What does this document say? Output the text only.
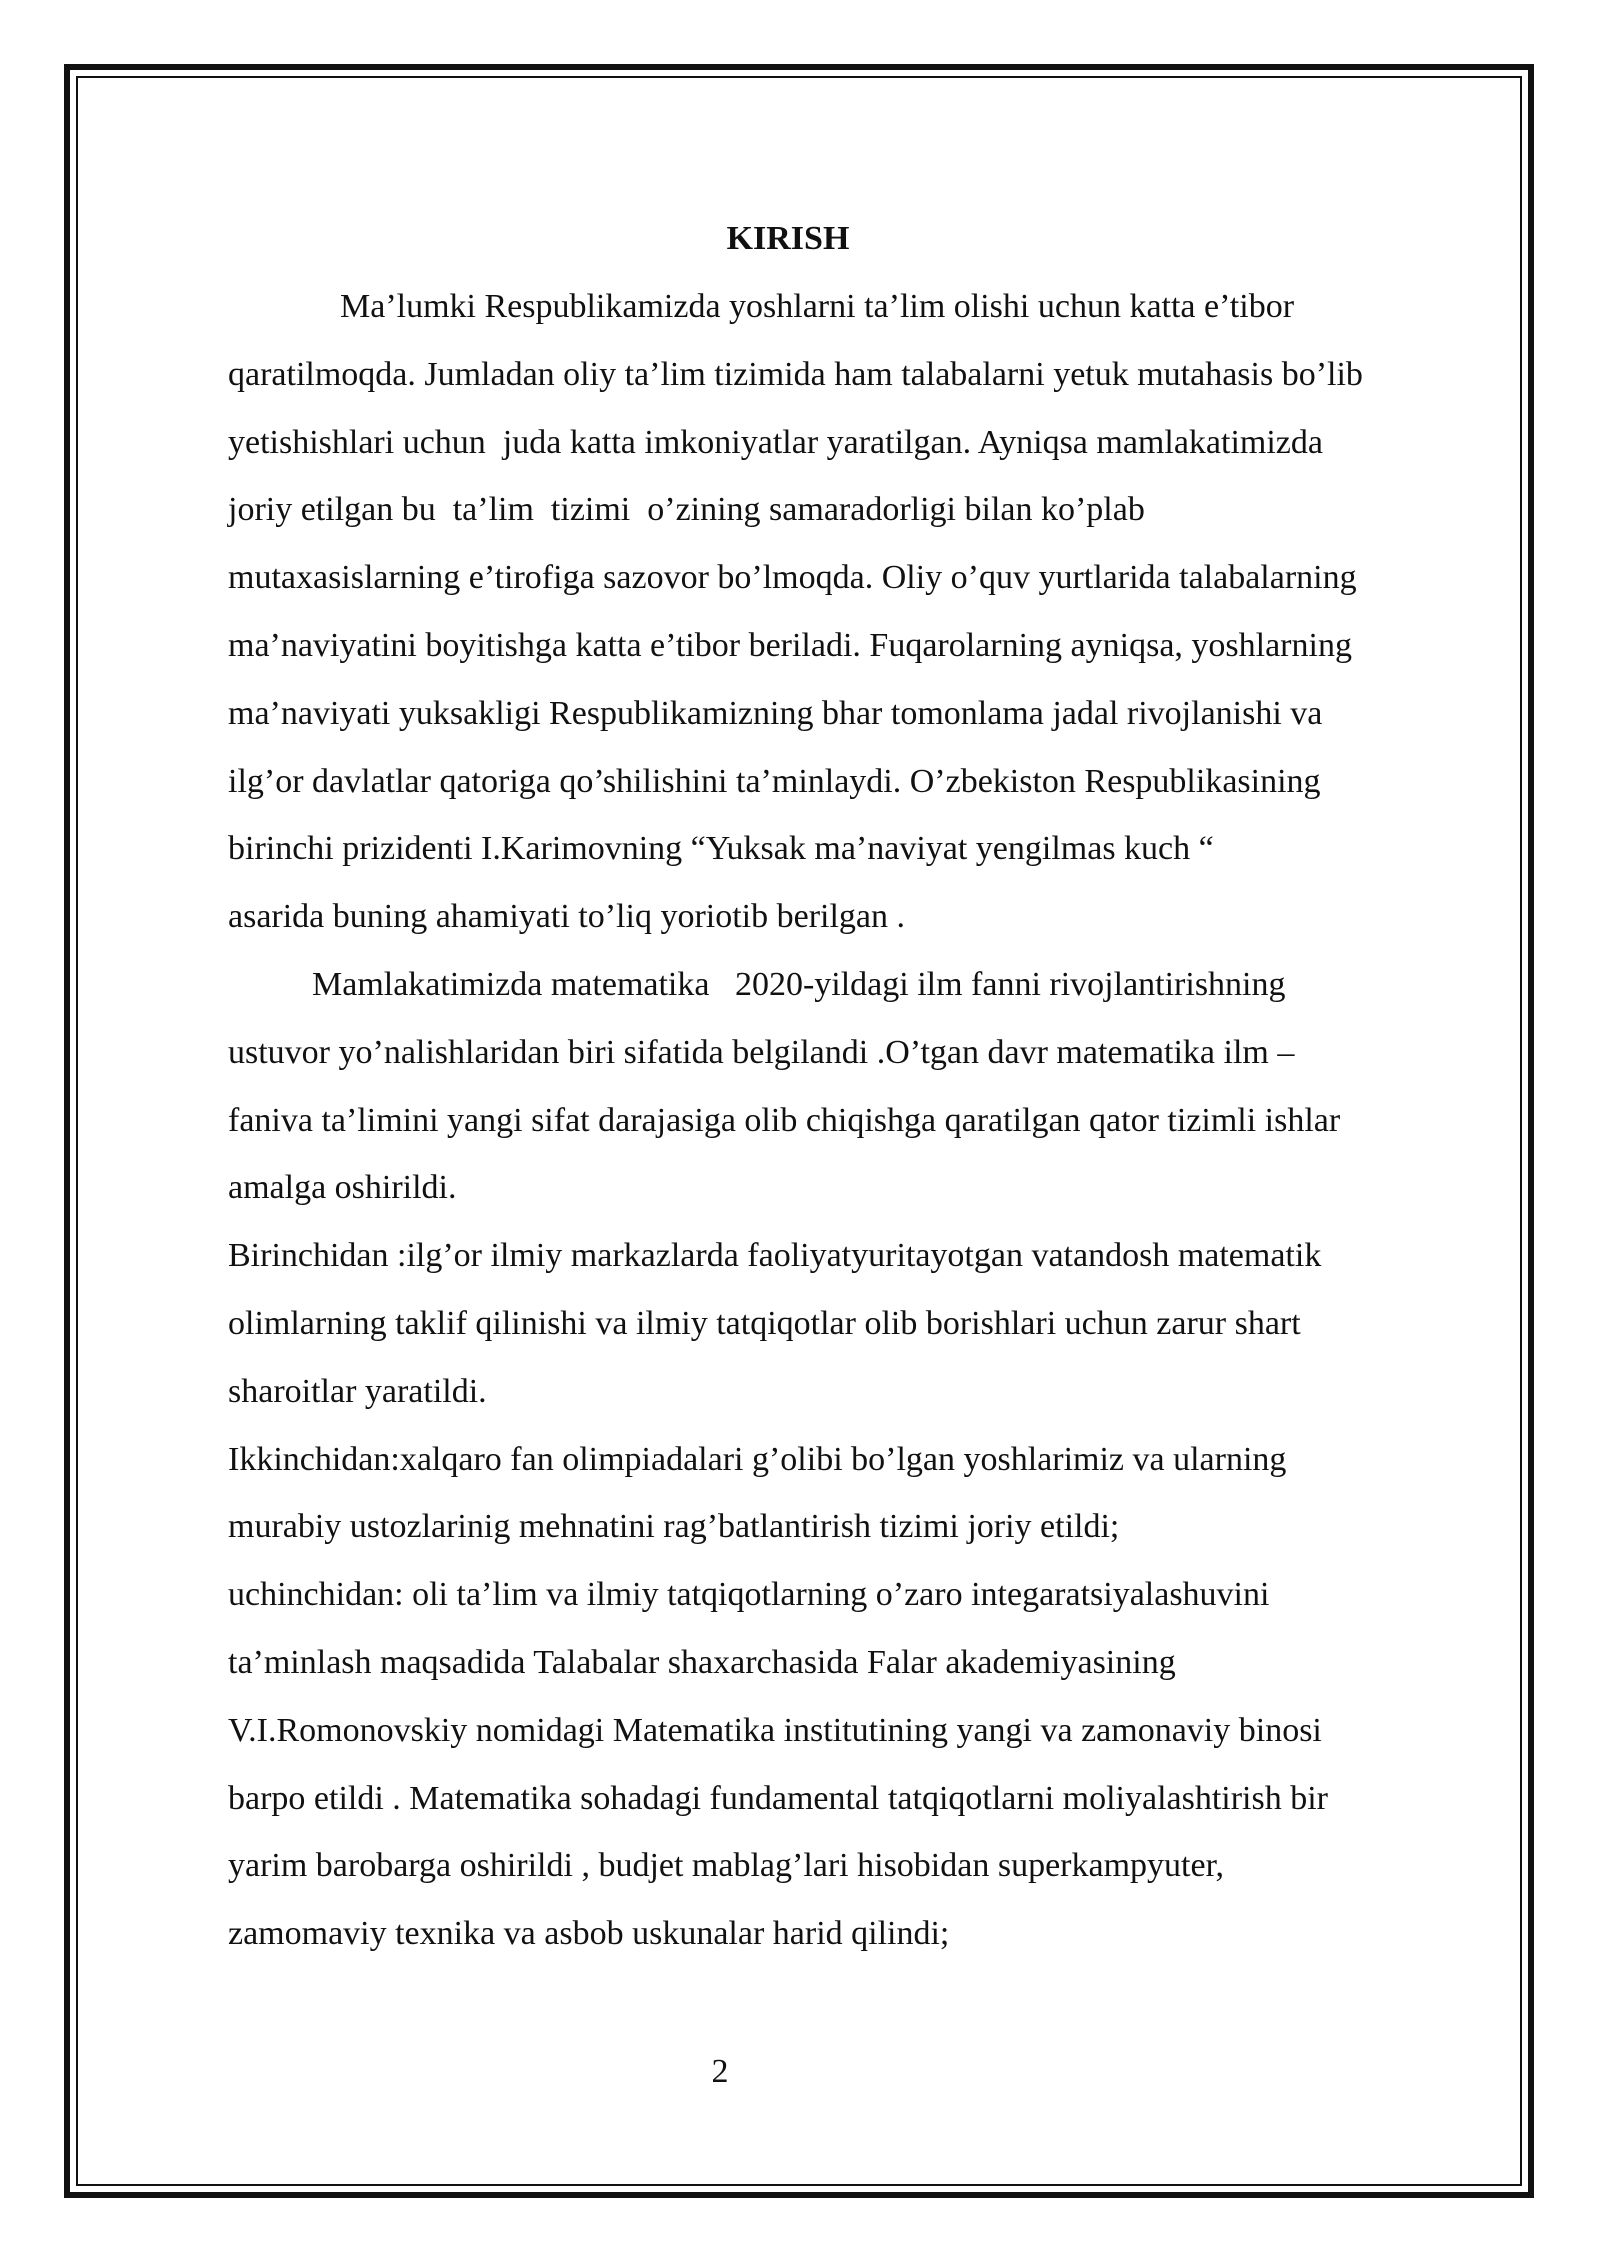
KIRISH
Ma’lumki Respublikamizda yoshlarni ta’lim olishi uchun katta e’tibor
qaratilmoqda. Jumladan oliy ta’lim tizimida ham talabalarni yetuk mutahasis bo’lib
yetishishlari uchun  juda katta imkoniyatlar yaratilgan. Ayniqsa mamlakatimizda
joriy etilgan bu  ta’lim  tizimi  o’zining samaradorligi bilan ko’plab
mutaxasislarning e’tirofiga sazovor bo’lmoqda. Oliy o’quv yurtlarida talabalarning
ma’naviyatini boyitishga katta e’tibor beriladi. Fuqarolarning ayniqsa, yoshlarning
ma’naviyati yuksakligi Respublikamizning bhar tomonlama jadal rivojlanishi va
ilg’or davlatlar qatoriga qo’shilishini ta’minlaydi. O’zbekiston Respublikasining
birinchi prizidenti I.Karimovning “Yuksak ma’naviyat yengilmas kuch “
asarida buning ahamiyati to’liq yoriotib berilgan .
Mamlakatimizda matematika   2020-yildagi ilm fanni rivojlantirishning
ustuvor yo’nalishlaridan biri sifatida belgilandi .O’tgan davr matematika ilm –
faniva ta’limini yangi sifat darajasiga olib chiqishga qaratilgan qator tizimli ishlar
amalga oshirildi.
Birinchidan :ilg’or ilmiy markazlarda faoliyatyuritayotgan vatandosh matematik
olimlarning taklif qilinishi va ilmiy tatqiqotlar olib borishlari uchun zarur shart
sharoitlar yaratildi.
Ikkinchidan:xalqaro fan olimpiadalari g’olibi bo’lgan yoshlarimiz va ularning
murabiy ustozlarinig mehnatini rag’batlantirish tizimi joriy etildi;
uchinchidan: oli ta’lim va ilmiy tatqiqotlarning o’zaro integaratsiyalashuvini
ta’minlash maqsadida Talabalar shaxarchasida Falar akademiyasining
V.I.Romonovskiy nomidagi Matematika institutining yangi va zamonaviy binosi
barpo etildi . Matematika sohadagi fundamental tatqiqotlarni moliyalashtirish bir
yarim barobarga oshirildi , budjet mablag’lari hisobidan superkampyuter,
zamomaviy texnika va asbob uskunalar harid qilindi;
2
